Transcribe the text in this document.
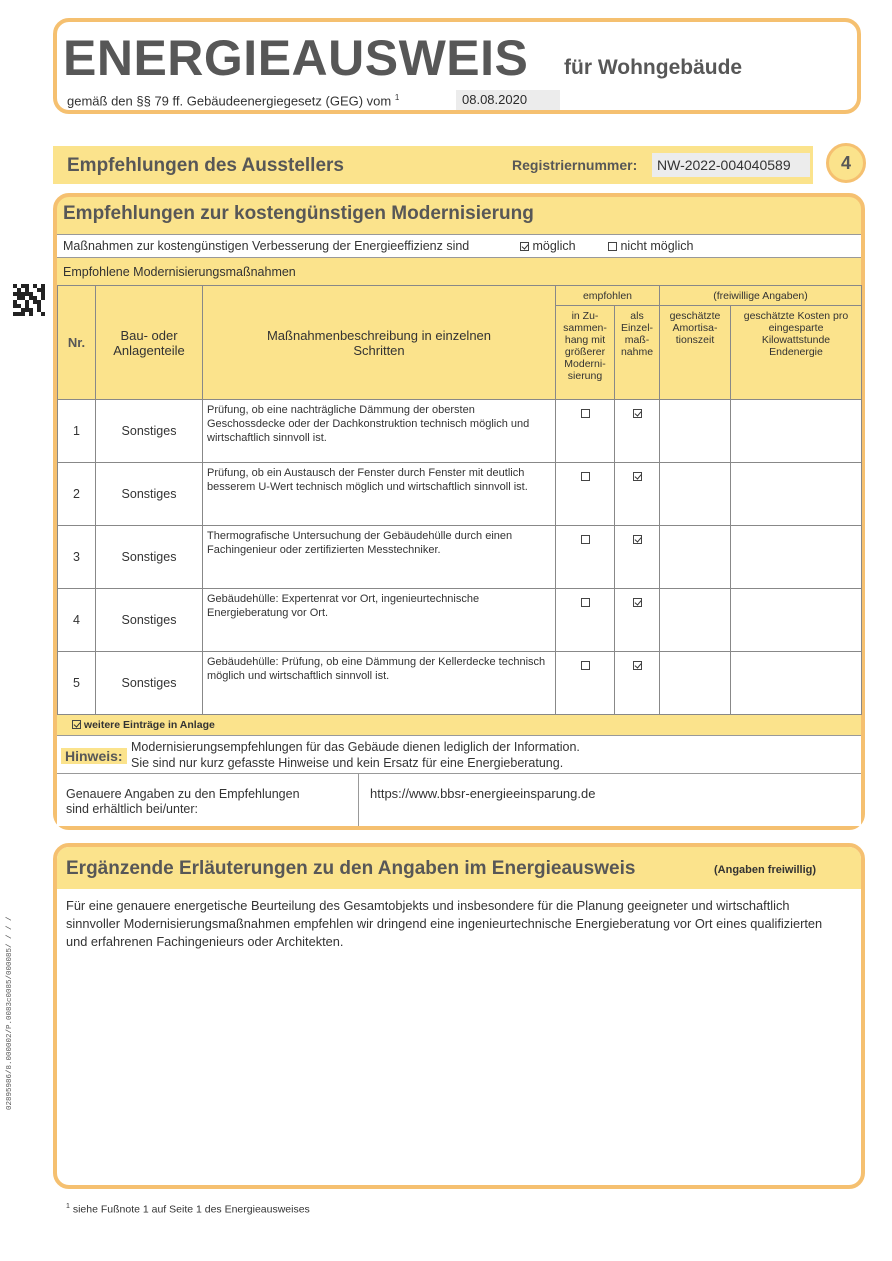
02895986/8.000002/P.0083c0085/000085/ / / /
ENERGIEAUSWEIS für Wohngebäude
gemäß den §§ 79 ff. Gebäudeenergiegesetz (GEG) vom $^1$	08.08.2020
Empfehlungen des Ausstellers	Registriernummer:	NW-2022-004040589	4
Empfehlungen zur kostengünstigen Modernisierung
Maßnahmen zur kostengünstigen Verbesserung der Energieeffizienz sind	möglich	nicht möglich
Empfohlene Modernisierungsmaßnahmen
Nr.	Bau- oder Anlagenteile	Maßnahmenbeschreibung in einzelnen Schritten	empfohlen		(freiwillige Angaben)	
			in Zu-sammen-hang mit größerer Moderni-sierung	als Einzel-maß-nahme	geschätzte Amortisa-tionszeit	geschätzte Kosten pro eingesparte Kilowattstunde Endenergie
1	Sonstiges	Prüfung, ob eine nachträgliche Dämmung der obersten Geschossdecke oder der Dachkonstruktion technisch möglich und wirtschaftlich sinnvoll ist.				
2	Sonstiges	Prüfung, ob ein Austausch der Fenster durch Fenster mit deutlich besserem U-Wert technisch möglich und wirtschaftlich sinnvoll ist.				
3	Sonstiges	Thermografische Untersuchung der Gebäudehülle durch einen Fachingenieur oder zertifizierten Messtechniker.				
4	Sonstiges	Gebäudehülle: Expertenrat vor Ort, ingenieurtechnische Energieberatung vor Ort.				
5	Sonstiges	Gebäudehülle: Prüfung, ob eine Dämmung der Kellerdecke technisch möglich und wirtschaftlich sinnvoll ist.				
weitere Einträge in Anlage
Hinweis:
Modernisierungsempfehlungen für das Gebäude dienen lediglich der Information.
Sie sind nur kurz gefasste Hinweise und kein Ersatz für eine Energieberatung.
Genauere Angaben zu den Empfehlungen
sind erhältlich bei/unter:
https://www.bbsr-energieeinsparung.de
Ergänzende Erläuterungen zu den Angaben im Energieausweis	(Angaben freiwillig)
Für eine genauere energetische Beurteilung des Gesamtobjekts und insbesondere für die Planung geeigneter und wirtschaftlich sinnvoller Modernisierungsmaßnahmen empfehlen wir dringend eine ingenieurtechnische Energieberatung vor Ort eines qualifizierten und erfahrenen Fachingenieurs oder Architekten.
$^1$ siehe Fußnote 1 auf Seite 1 des Energieausweises
